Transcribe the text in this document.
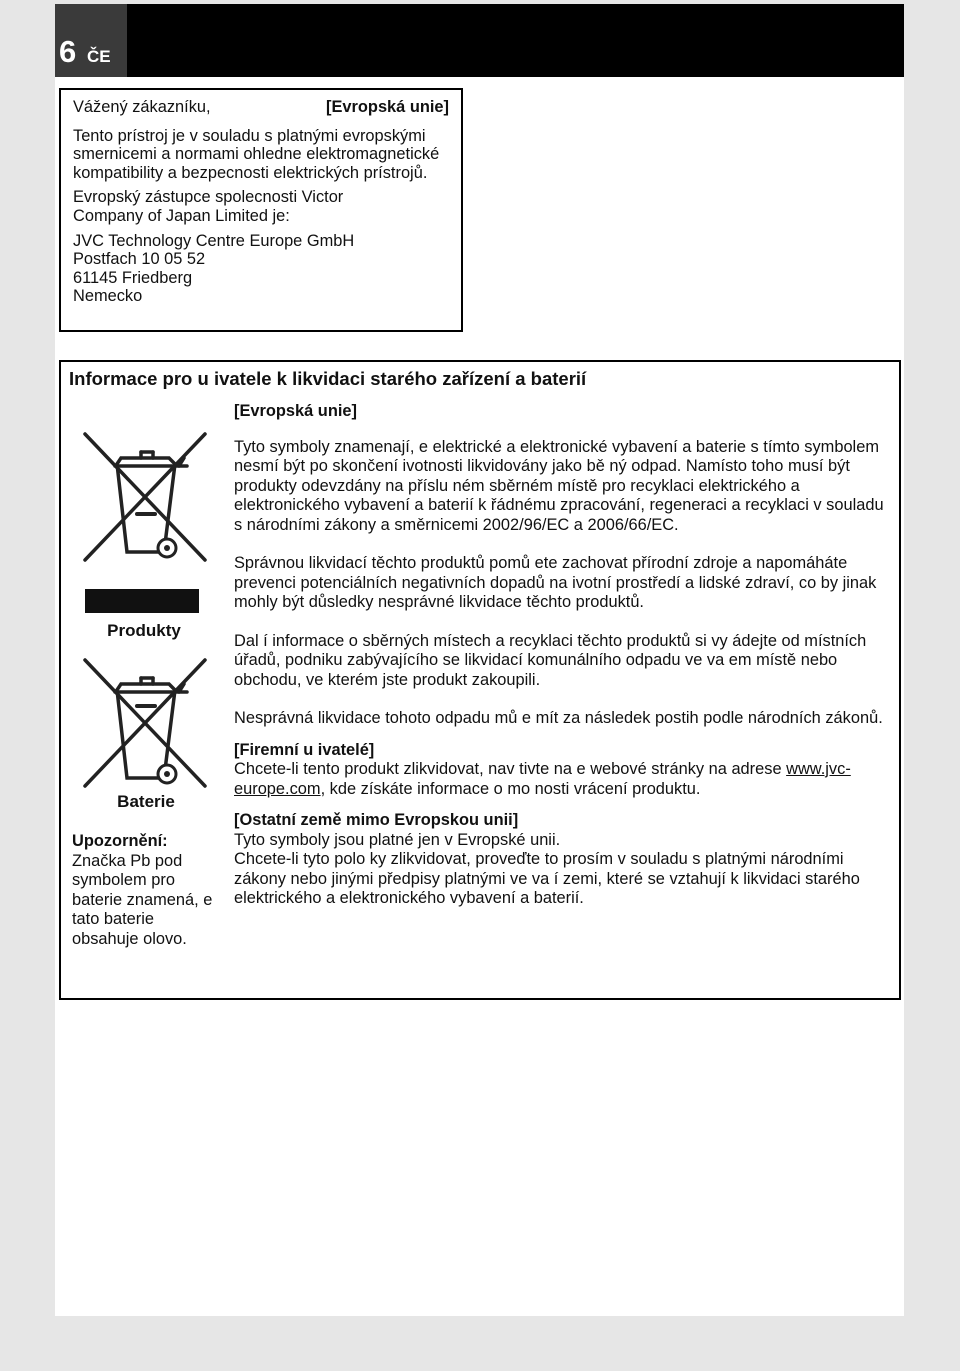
6 ČE
Vážený zákazníku,	[Evropská unie]

Tento prístroj je v souladu s platnými evropskými smernicemi a normami ohledne elektromagnetické kompatibility a bezpecnosti elektrických prístrojů.

Evropský zástupce spolecnosti Victor
Company of Japan Limited je:
JVC Technology Centre Europe GmbH
Postfach 10 05 52
61145 Friedberg
Nemecko
Informace pro u ivatele k likvidaci starého zařízení a baterií
Produkty
Baterie
Upozornění:
Značka Pb pod symbolem pro baterie znamená, e tato baterie obsahuje olovo.
[Evropská unie]

Tyto symboly znamenají, e elektrické a elektronické vybavení a baterie s tímto symbolem nesmí být po skončení ivotnosti likvidovány jako bě ný odpad. Namísto toho musí být produkty odevzdány na příslu ném sběrném místě pro recyklaci elektrického a elektronického vybavení a baterií k řádnému zpracování, regeneraci a recyklaci v souladu s národními zákony a směrnicemi 2002/96/EC a 2006/66/EC.

Správnou likvidací těchto produktů pomů ete zachovat přírodní zdroje a napomáháte prevenci potenciálních negativních dopadů na ivotní prostředí a lidské zdraví, co by jinak mohly být důsledky nesprávné likvidace těchto produktů.

Dal í informace o sběrných místech a recyklaci těchto produktů si vy ádejte od místních úřadů, podniku zabývajícího se likvidací komunálního odpadu ve va em místě nebo obchodu, ve kterém jste produkt zakoupili.

Nesprávná likvidace tohoto odpadu mů e mít za následek postih podle národních zákonů.

[Firemní u ivatelé]

Chcete-li tento produkt zlikvidovat, nav tivte na e webové stránky na adrese www.jvc-europe.com, kde získáte informace o mo nosti vrácení produktu.

[Ostatní země mimo Evropskou unii]
Tyto symboly jsou platné jen v Evropské unii.
Chcete-li tyto polo ky zlikvidovat, proveďte to prosím v souladu s platnými národními zákony nebo jinými předpisy platnými ve va í zemi, které se vztahují k likvidaci starého elektrického a elektronického vybavení a baterií.
